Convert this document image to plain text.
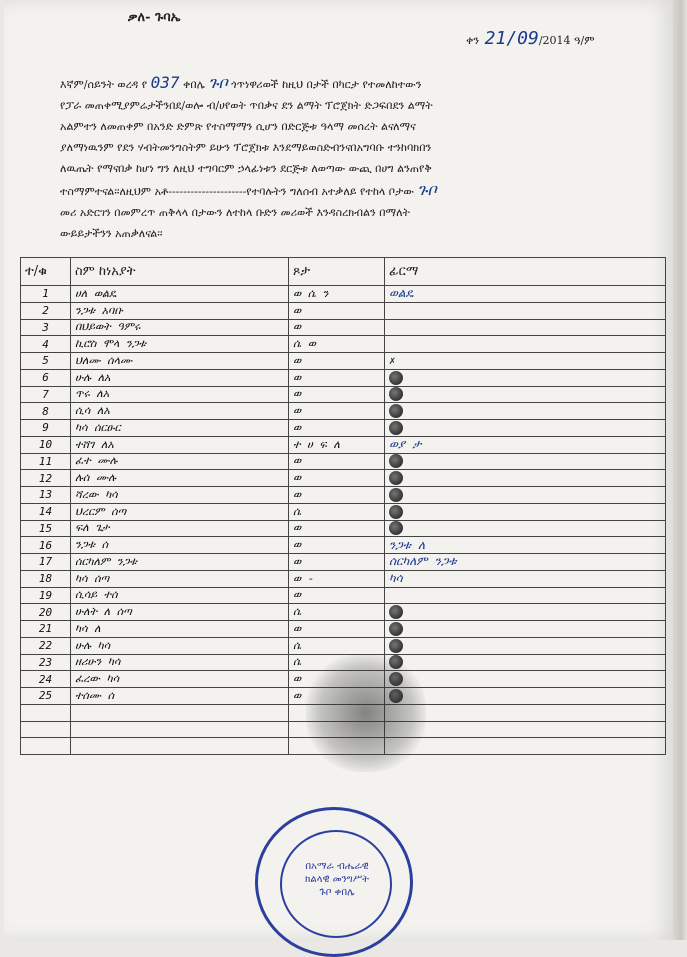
ቃለ- ጉባኤ
ቀን 21/09/2014 ዓ/ም
እኛም/ሰይንት ወረዳ የ 037 ቀበሌ ጉቦ ጎጥነዋሪወች ከዚህ በታች በካርታ የተመለከተውን
የፓራ መጠቀሚያምሬታችንበደ/ወሎ ብ/ሀየወት ጥበቃና ደን ልማት ፕሮጀክት ድጋፍበደን ልማት
አልምተን ለመጠቀም በአንድ ድምጽ የተስማማን ሲሆን በድርጅቱ ዓላማ መሰረት ልናለማና
ያለማነዉንም የደን ሃብትመንግስትም ይሁን ፕሮጀክቱ እንደማይወስድብንናበአግባቡ ተንከባክበን
ለዉጤት የማናበቃ ከሆነ ግን ለዚህ ተግባርም ኃላፊነቱን ደርጅቱ ለወጣው ውጪ በሀግ ልንጠየቅ
ተስማምተናል፡፡ለዚህም አቶ---------------------የተባሉትን ግለሰብ አተቃለይ የተከላ ቦታው ጉቦ
መሪ አድርገን በመምረጥ ጠቅላላ በታውን ለተከላ ቡድን መሪወች እንዳስረክብልን በማለት
ውይይታችንን አጠቃለናል፡፡
ተ/ቁ	ስም ከነአያት	ጾታ	ፊርማ
1	ሀለ ወልዴ	ወ ሴ ን	ወልዴ
2	ንጋቱ አባቡ	ወ	
3	በህይወት ዓምሩ	ወ	
4	ኪሮስ ሞላ ንጋቱ	ሴ ወ	
5	ህለሙ ሰላሙ	ወ	✗
6	ሁሉ ለአ	ወ	
7	ጥሩ ለአ	ወ	
8	ሲሳ ለአ	ወ	
9	ካሳ ሰርፁር	ወ	
10	ተሸገ ለአ	ተ ሀ ፍ ለ	ወያ ታ
11	ፈተ ሙሉ	ወ	
12	ሉሰ ሙሉ	ወ	
13	ሻረው ካሳ	ወ	
14	ህረርም ሰጣ	ሴ	
15	ፍለ ጌታ	ወ	
16	ንጋቱ ሰ	ወ	ንጋቱ ለ
17	ሰርካለም ንጋቱ	ወ	ሰርካለም ንጋቱ
18	ካሳ ሰጣ	ወ -	ካሳ
19	ሲሳይ ተሰ	ወ	
20	ሁለት ለ ሰጣ	ሴ	
21	ካሳ ለ	ወ	
22	ሁሉ ካሳ	ሴ	
23	ዘሪሁን ካሳ	ሴ	
24	ፈረው ካሳ	ወ	
25	ተሰሙ ሰ	ወ	

በአማራ ብሔራዊ ክልላዊ መንግሥት
ጉቦ ቀበሌ
